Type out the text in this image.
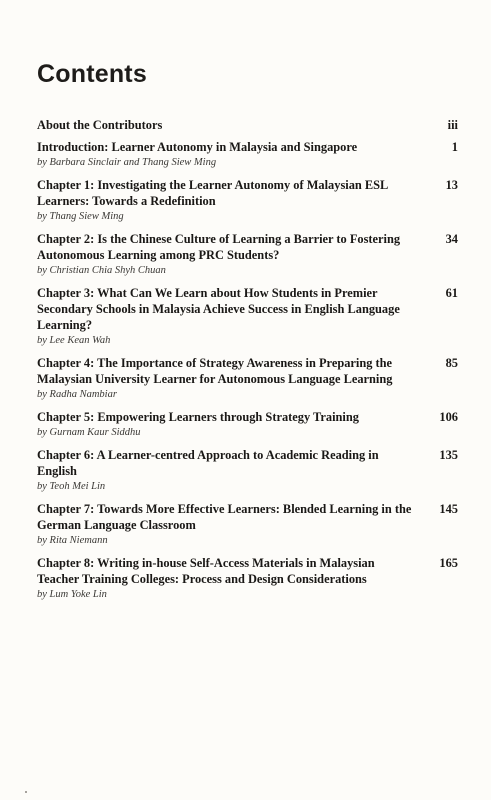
Contents
About the Contributors	iii
Introduction: Learner Autonomy in Malaysia and Singapore
by Barbara Sinclair and Thang Siew Ming
1
Chapter 1: Investigating the Learner Autonomy of Malaysian ESL Learners: Towards a Redefinition
by Thang Siew Ming
13
Chapter 2: Is the Chinese Culture of Learning a Barrier to Fostering Autonomous Learning among PRC Students?
by Christian Chia Shyh Chuan
34
Chapter 3: What Can We Learn about How Students in Premier Secondary Schools in Malaysia Achieve Success in English Language Learning?
by Lee Kean Wah
61
Chapter 4: The Importance of Strategy Awareness in Preparing the Malaysian University Learner for Autonomous Language Learning
by Radha Nambiar
85
Chapter 5: Empowering Learners through Strategy Training
by Gurnam Kaur Siddhu
106
Chapter 6: A Learner-centred Approach to Academic Reading in English
by Teoh Mei Lin
135
Chapter 7: Towards More Effective Learners: Blended Learning in the German Language Classroom
by Rita Niemann
145
Chapter 8: Writing in-house Self-Access Materials in Malaysian Teacher Training Colleges: Process and Design Considerations
by Lum Yoke Lin
165
